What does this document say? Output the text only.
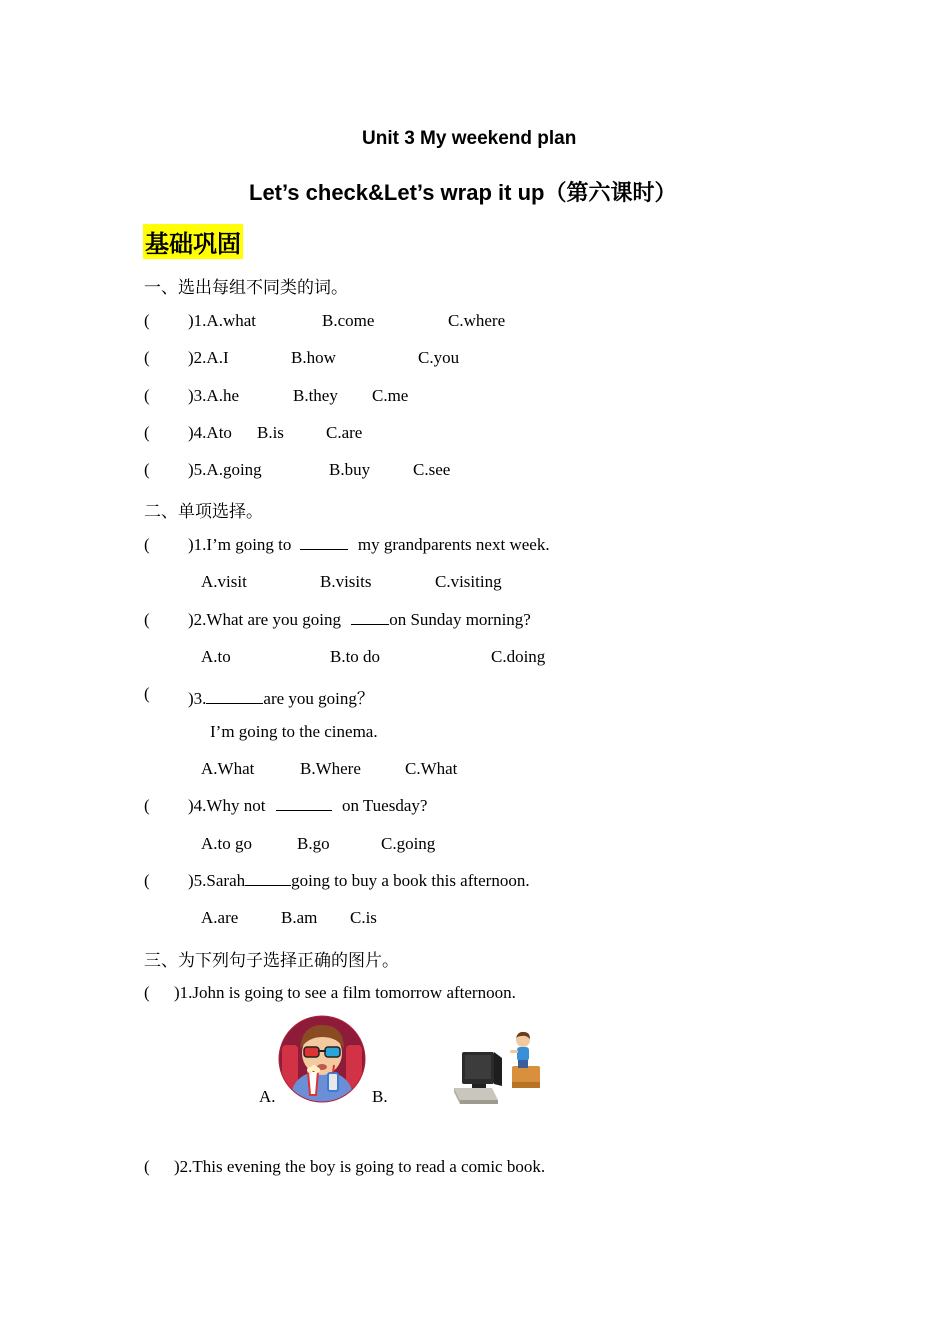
Unit 3 My weekend plan
Let’s check&Let’s wrap it up（第六课时）
基础巩固
一、选出每组不同类的词。
( )1.A.what	B.come	C.where
( )2.A.I	B.how	C.you
( )3.A.he	B.they C.me
( )4.Ato B.is C.are
( )5.A.going	B.buy	C.see
二、单项选择。
( )1.I’m going to	my grandparents next week.
A.visit	B.visits	C.visiting
( )2.What are you going	on Sunday morning?
A.to	B.to do	C.doing
( )3.	are you going？
I’m going to the cinema.
A.What	B.Where	C.What
( )4.Why not	on Tuesday?
A.to go	B.go	C.going
( )5.Sarah	going to buy a book this afternoon.
A.are	B.am C.is
三、为下列句子选择正确的图片。
( )1.John is going to see a film tomorrow afternoon.
A.	B.
( )2.This evening the boy is going to read a comic book.
